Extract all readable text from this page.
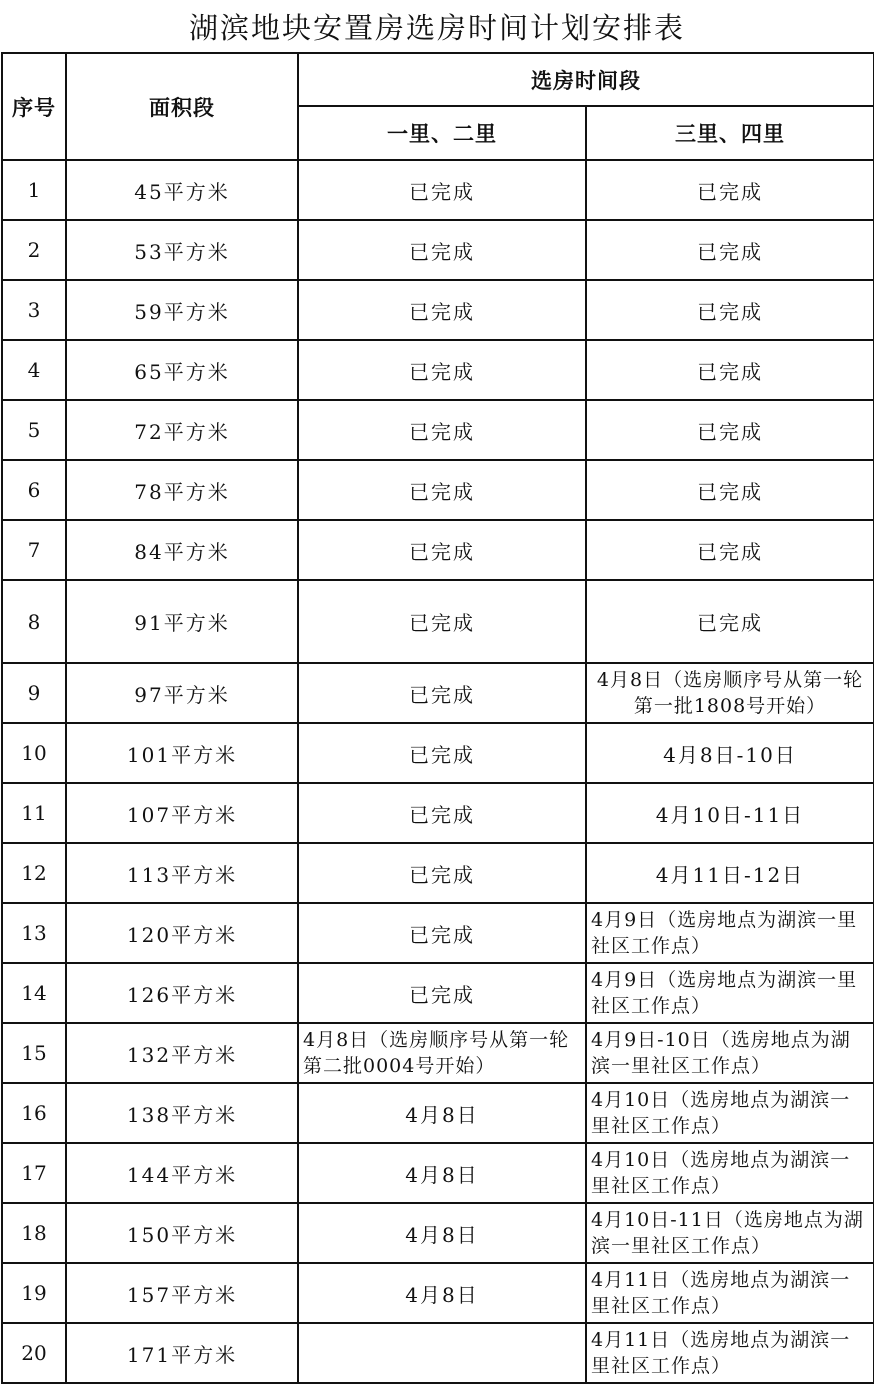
湖滨地块安置房选房时间计划安排表
序号	面积段	选房时间段	
		一里、二里	三里、四里
1	45平方米	已完成	已完成
2	53平方米	已完成	已完成
3	59平方米	已完成	已完成
4	65平方米	已完成	已完成
5	72平方米	已完成	已完成
6	78平方米	已完成	已完成
7	84平方米	已完成	已完成
8	91平方米	已完成	已完成
9	97平方米	已完成	4月8日（选房顺序号从第一轮第一批1808号开始）
10	101平方米	已完成	4月8日-10日
11	107平方米	已完成	4月10日-11日
12	113平方米	已完成	4月11日-12日
13	120平方米	已完成	4月9日（选房地点为湖滨一里社区工作点）
14	126平方米	已完成	4月9日（选房地点为湖滨一里社区工作点）
15	132平方米	4月8日（选房顺序号从第一轮第二批0004号开始）	4月9日-10日（选房地点为湖滨一里社区工作点）
16	138平方米	4月8日	4月10日（选房地点为湖滨一里社区工作点）
17	144平方米	4月8日	4月10日（选房地点为湖滨一里社区工作点）
18	150平方米	4月8日	4月10日-11日（选房地点为湖滨一里社区工作点）
19	157平方米	4月8日	4月11日（选房地点为湖滨一里社区工作点）
20	171平方米		4月11日（选房地点为湖滨一里社区工作点）
